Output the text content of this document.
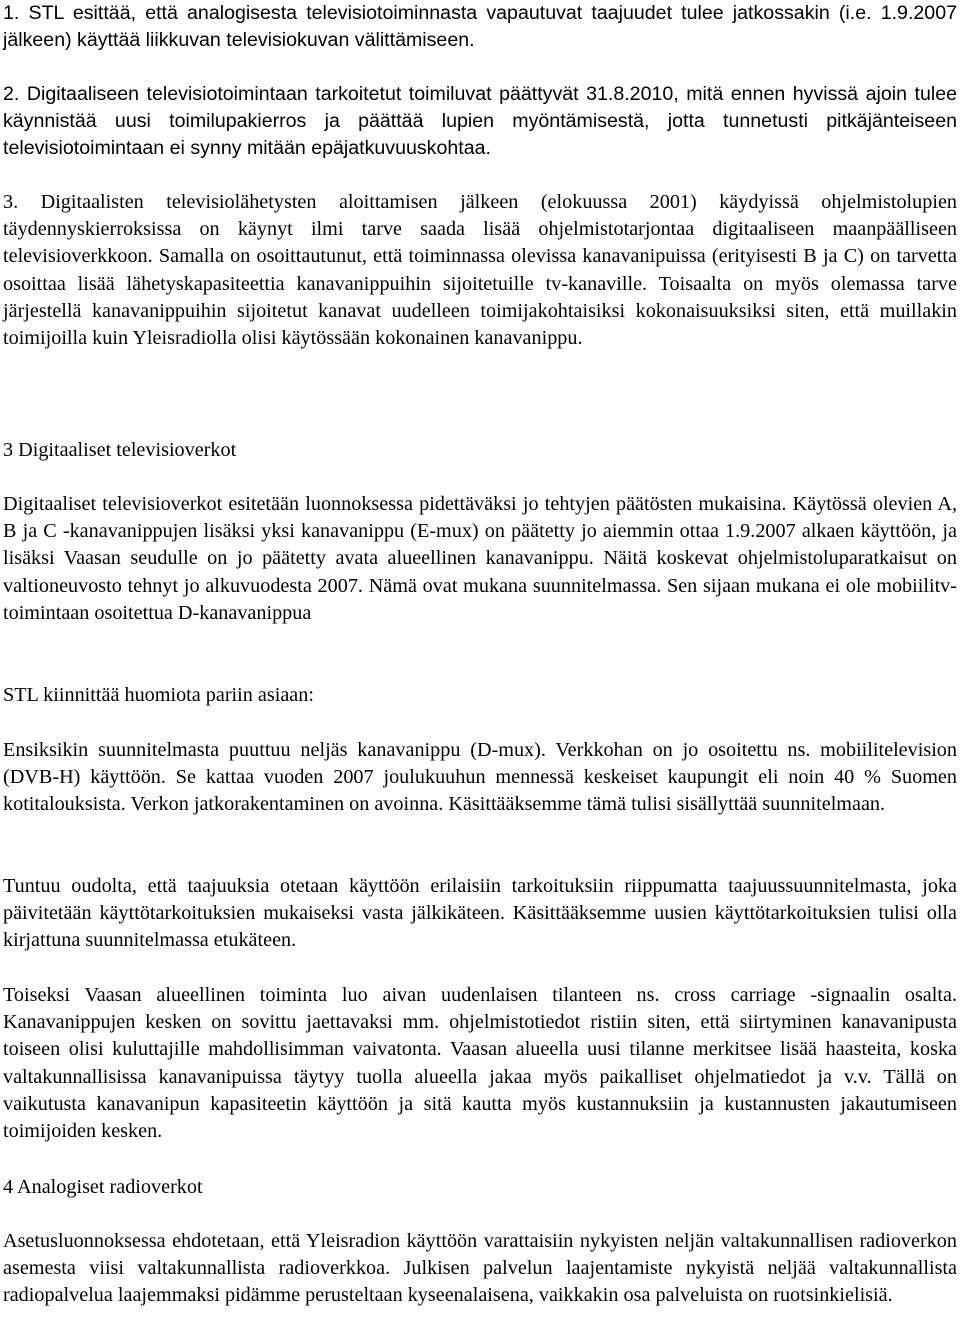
1. STL esittää, että analogisesta televisiotoiminnasta vapautuvat taajuudet tulee jatkossakin (i.e. 1.9.2007 jälkeen) käyttää liikkuvan televisiokuvan välittämiseen.

2. Digitaaliseen televisiotoimintaan tarkoitetut toimiluvat päättyvät 31.8.2010, mitä ennen hyvissä ajoin tulee käynnistää uusi toimilupakierros ja päättää lupien myöntämisestä, jotta tunnetusti pitkäjänteiseen televisiotoimintaan ei synny mitään epäjatkuvuuskohtaa.

3. Digitaalisten televisiolähetysten aloittamisen jälkeen (elokuussa 2001) käydyissä ohjelmistolupien täydennyskierroksissa on käynyt ilmi tarve saada lisää ohjelmistotarjontaa digitaaliseen maanpäälliseen televisioverkkoon. Samalla on osoittautunut, että toiminnassa olevissa kanavanipuissa (erityisesti B ja C) on tarvetta osoittaa lisää lähetyskapasiteettia kanavanippuihin sijoitetuille tv-kanaville. Toisaalta on myös olemassa tarve järjestellä kanavanippuihin sijoitetut kanavat uudelleen toimijakohtaisiksi kokonaisuuksiksi siten, että muillakin toimijoilla kuin Yleisradiolla olisi käytössään kokonainen kanavanippu.

3 Digitaaliset televisioverkot

Digitaaliset televisioverkot esitetään luonnoksessa pidettäväksi jo tehtyjen päätösten mukaisina. Käytössä olevien A, B ja C -kanavanippujen lisäksi yksi kanavanippu (E-mux) on päätetty jo aiemmin ottaa 1.9.2007 alkaen käyttöön, ja lisäksi Vaasan seudulle on jo päätetty avata alueellinen kanavanippu. Näitä koskevat ohjelmistoluparatkaisut on valtioneuvosto tehnyt jo alkuvuodesta 2007. Nämä ovat mukana suunnitelmassa. Sen sijaan mukana ei ole mobiilitv-toimintaan osoitettua D-kanavanippua

STL kiinnittää huomiota pariin asiaan:

Ensiksikin suunnitelmasta puuttuu neljäs kanavanippu (D-mux). Verkkohan on jo osoitettu ns. mobiilitelevision (DVB-H) käyttöön. Se kattaa vuoden 2007 joulukuuhun mennessä keskeiset kaupungit eli noin 40 % Suomen kotitalouksista. Verkon jatkorakentaminen on avoinna. Käsittääksemme tämä tulisi sisällyttää suunnitelmaan.

Tuntuu oudolta, että taajuuksia otetaan käyttöön erilaisiin tarkoituksiin riippumatta taajuussuunnitelmasta, joka päivitetään käyttötarkoituksien mukaiseksi vasta jälkikäteen. Käsittääksemme uusien käyttötarkoituksien tulisi olla kirjattuna suunnitelmassa etukäteen.

Toiseksi Vaasan alueellinen toiminta luo aivan uudenlaisen tilanteen ns. cross carriage -signaalin osalta. Kanavanippujen kesken on sovittu jaettavaksi mm. ohjelmistotiedot ristiin siten, että siirtyminen kanavanipusta toiseen olisi kuluttajille mahdollisimman vaivatonta. Vaasan alueella uusi tilanne merkitsee lisää haasteita, koska valtakunnallisissa kanavanipuissa täytyy tuolla alueella jakaa myös paikalliset ohjelmatiedot ja v.v. Tällä on vaikutusta kanavanipun kapasiteetin käyttöön ja sitä kautta myös kustannuksiin ja kustannusten jakautumiseen toimijoiden kesken.

4 Analogiset radioverkot

Asetusluonnoksessa ehdotetaan, että Yleisradion käyttöön varattaisiin nykyisten neljän valtakunnallisen radioverkon asemesta viisi valtakunnallista radioverkkoa. Julkisen palvelun laajentamiste nykyistä neljää valtakunnallista radiopalvelua laajemmaksi pidämme perusteltaan kyseenalaisena, vaikkakin osa palveluista on ruotsinkielisiä.
